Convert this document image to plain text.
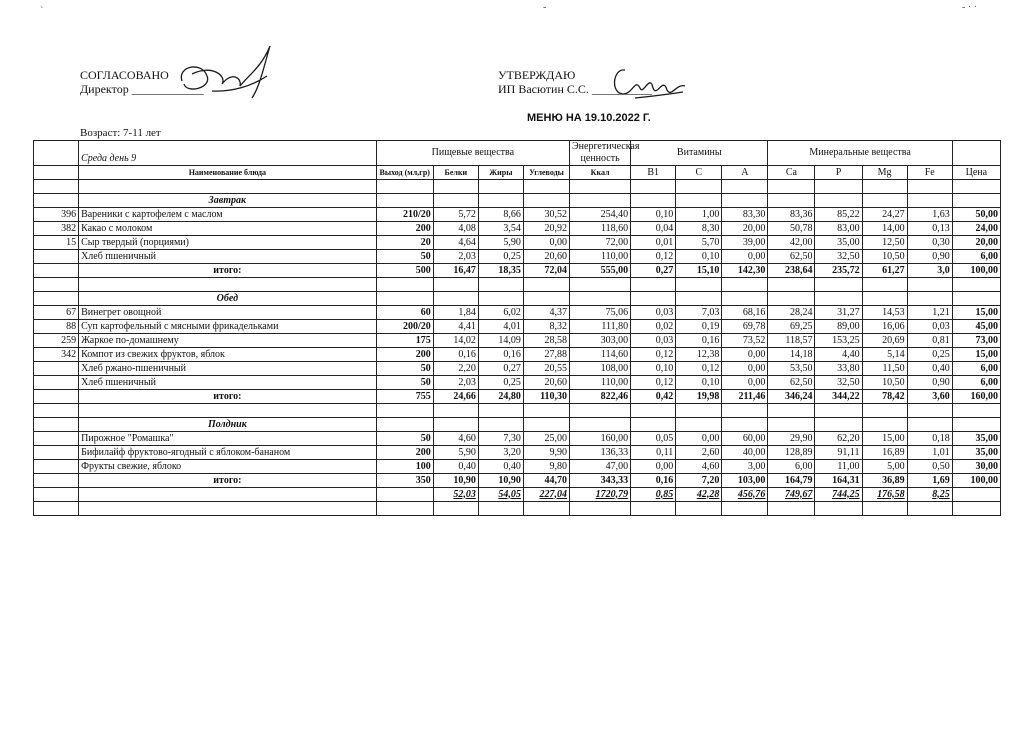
`	-	- · ·
СОГЛАСОВАНО
Директор ____________
УТВЕРЖДАЮ
ИП Васютин С.С. __________
МЕНЮ НА 19.10.2022 Г.
Возраст: 7-11 лет
	Среда день 9	Пищевые вещества				Энергетическая ценность	Витамины			Минеральные вещества				
	Наименование блюда	Выход (мл,гр)	Белки	Жиры	Углеводы	Ккал	B1	C	A	Ca	P	Mg	Fe	Цена

	Завтрак													
396	Вареники с картофелем с маслом	210/20	5,72	8,66	30,52	254,40	0,10	1,00	83,30	83,36	85,22	24,27	1,63	50,00
382	Какао с молоком	200	4,08	3,54	20,92	118,60	0,04	8,30	20,00	50,78	83,00	14,00	0,13	24,00
15	Сыр твердый (порциями)	20	4,64	5,90	0,00	72,00	0,01	5,70	39,00	42,00	35,00	12,50	0,30	20,00
	Хлеб пшеничный	50	2,03	0,25	20,60	110,00	0,12	0,10	0,00	62,50	32,50	10,50	0,90	6,00
	итого:	500	16,47	18,35	72,04	555,00	0,27	15,10	142,30	238,64	235,72	61,27	3,0	100,00

	Обед													
67	Винегрет овощной	60	1,84	6,02	4,37	75,06	0,03	7,03	68,16	28,24	31,27	14,53	1,21	15,00
88	Суп картофельный с мясными фрикадельками	200/20	4,41	4,01	8,32	111,80	0,02	0,19	69,78	69,25	89,00	16,06	0,03	45,00
259	Жаркое по-домашнему	175	14,02	14,09	28,58	303,00	0,03	0,16	73,52	118,57	153,25	20,69	0,81	73,00
342	Компот из свежих фруктов, яблок	200	0,16	0,16	27,88	114,60	0,12	12,38	0,00	14,18	4,40	5,14	0,25	15,00
	Хлеб ржано-пшеничный	50	2,20	0,27	20,55	108,00	0,10	0,12	0,00	53,50	33,80	11,50	0,40	6,00
	Хлеб пшеничный	50	2,03	0,25	20,60	110,00	0,12	0,10	0,00	62,50	32,50	10,50	0,90	6,00
	итого:	755	24,66	24,80	110,30	822,46	0,42	19,98	211,46	346,24	344,22	78,42	3,60	160,00

	Полдник													
	Пирожное "Ромашка"	50	4,60	7,30	25,00	160,00	0,05	0,00	60,00	29,90	62,20	15,00	0,18	35,00
	Бифилайф фруктово-ягодный с яблоком-бананом	200	5,90	3,20	9,90	136,33	0,11	2,60	40,00	128,89	91,11	16,89	1,01	35,00
	Фрукты свежие, яблоко	100	0,40	0,40	9,80	47,00	0,00	4,60	3,00	6,00	11,00	5,00	0,50	30,00
	итого:	350	10,90	10,90	44,70	343,33	0,16	7,20	103,00	164,79	164,31	36,89	1,69	100,00
			52,03	54,05	227,04	1720,79	0,85	42,28	456,76	749,67	744,25	176,58	8,25	
